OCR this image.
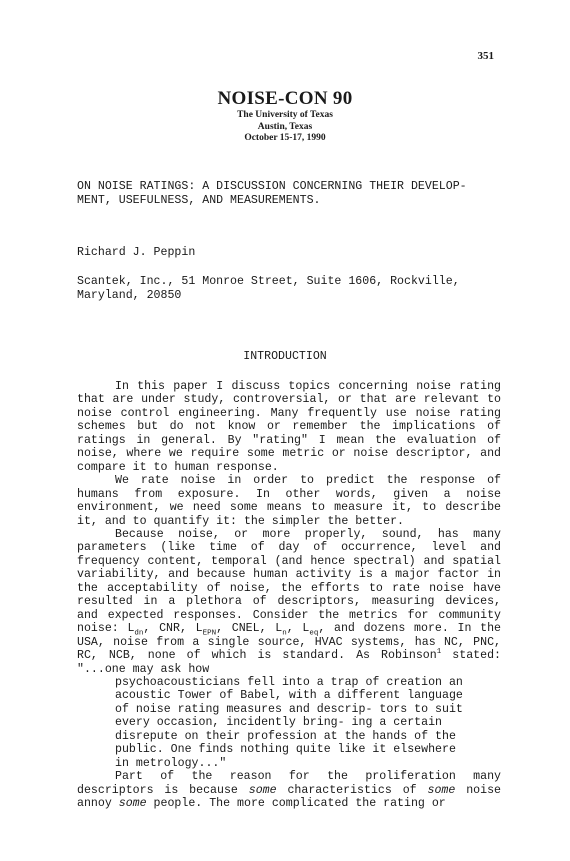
351
NOISE-CON 90
The University of Texas
Austin, Texas
October 15-17, 1990
ON NOISE RATINGS: A DISCUSSION CONCERNING THEIR DEVELOP- MENT, USEFULNESS, AND MEASUREMENTS.
Richard J. Peppin
Scantek, Inc., 51 Monroe Street, Suite 1606, Rockville, Maryland, 20850
INTRODUCTION

In this paper I discuss topics concerning noise rating that are under study, controversial, or that are relevant to noise control engineering. Many frequently use noise rating schemes but do not know or remember the implications of ratings in general. By "rating" I mean the evaluation of noise, where we require some metric or noise descriptor, and compare it to human response.

We rate noise in order to predict the response of humans from exposure. In other words, given a noise environment, we need some means to measure it, to describe it, and to quantify it: the simpler the better.

Because noise, or more properly, sound, has many parameters (like time of day of occurrence, level and frequency content, temporal (and hence spectral) and spatial variability, and because human activity is a major factor in the acceptability of noise, the efforts to rate noise have resulted in a plethora of descriptors, measuring devices, and expected responses. Consider the metrics for community noise: $L_{dn}$, CNR, $L_{EPN}$, CNEL, $L_n$, $L_{eq}$, and dozens more. In the USA, noise from a single source, HVAC systems, has NC, PNC, RC, NCB, none of which is standard. As Robinson$^1$ stated: "...one may ask how

psychoacousticians fell into a trap of creation an acoustic Tower of Babel, with a different language of noise rating measures and descrip- tors to suit every occasion, incidently bring- ing a certain disrepute on their profession at the hands of the public. One finds nothing quite like it elsewhere in metrology..."

Part of the reason for the proliferation many descriptors is because some characteristics of some noise annoy some people. The more complicated the rating or
